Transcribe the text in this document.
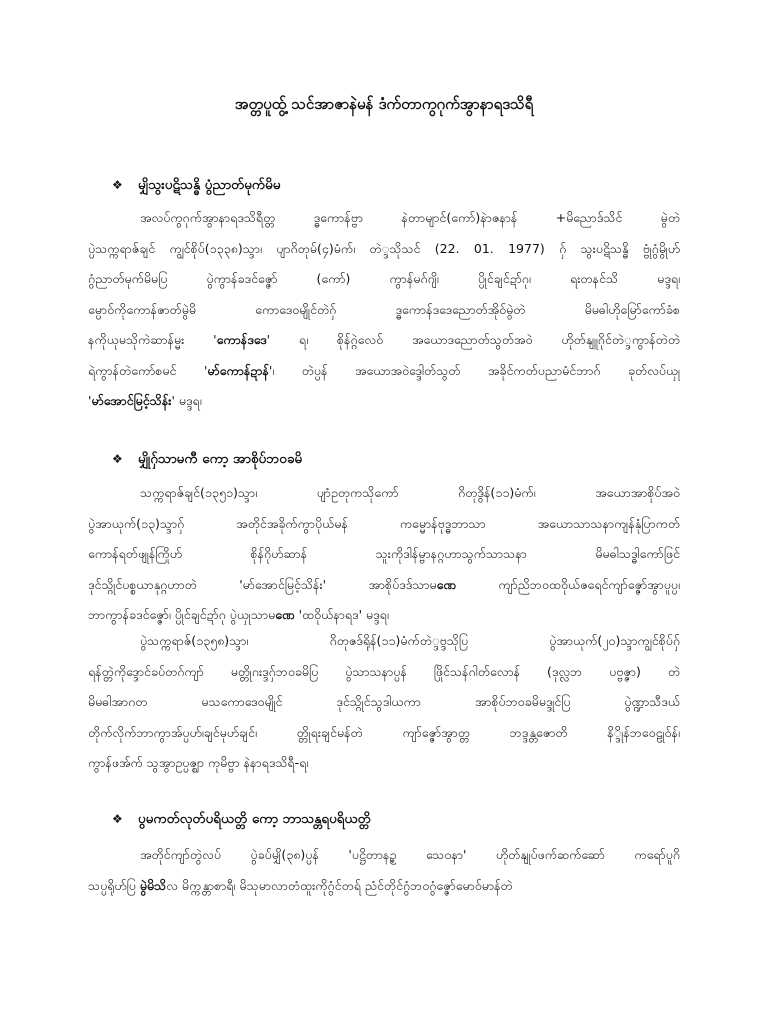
အတ္တပူထွ့် သင်အာဇာနဲမန် ဒံက်တာကွဂုက်အွာနာရဒသိရီ
❖ မျှိသွးပဋိသန္ဓိ ပွံညာတ်မုက်မိမ
အလပ်ကွဂုက်အွာနာရဒသိရီတ္တ ဒ္ဓကောန်ဗ္ဗာ နဲတာမျာင်(ကော်)နဲာဇနာန် +မိညောဒ်သိင် မွဲတဲ
ပ္ပဲသက္ကရာဇ်ချင် ကျွင်စိုပ်(၁၃၃၈)သ္ဒာ၊ ပျာဂိတုမ်(၄)မံက်၊ တဲ္ဒသိုသင် (22. 01. 1977) ဂှ် သွးပဋိသန္ဓိ ဗ္ဗုံဂွံမွိုဟ်
ဂွံညာတ်မုက်မိမပြ ပွဲကွာန်ခဒင်ဇ္ဇော် (ကော်) ကွာန်မဂ်ဂျိ၊ ပ္ပိုင်ချင်ဍာ်ဂု၊ ရးတနင်သိ မဒ္ဒရ၊
မ္ပောဝ်ကိုကောန်ဇာတ်မွဲမိ ကောဒေဝမျိုင်တဲဂှ် ဒ္ဓကောန်ဒဒေညောတ်အိုဝ်မွဲတဲ မိမဓါဟိုမြော်ကော်ခံစ
နကိုယုမသိုကဲဆာန်မ္မး 'ကောန်ဒဒေ' ရ၊ စိုန်ဂ္ဂဲလေဝ် အယောဒညောတ်သွတ်အဝဲ ဟိုတ်နျူဂိုင်တဲ္ဒကွာန်တဲတဲ
ရဲကွာန်တဲကော်စမင် 'မာ်ကောန်ဍာန်'၊ တဲပ္ပန် အယောအဝဲဒ္ဒေါတ်သွတ် အခိုင်ကတ်ပညာမံင်ဘာဂ် ခုတ်လပ်ယှု
'မာ်အောင်မြင့်သိန်း' မဒ္ဒရ၊
❖ မျှိုဂှ်သာမကီ ကော့ အာစိုပ်ဘဝခမိ
သက္ကရာဇ်ချင်(၁၃၅၁)သ္ဒာ၊ ပျာံဥတုကသိုကော် ဂိတုဒွိန်(၁၁)မံက်၊ အယောအာစိုပ်အဝဲ
ပွဲအာယုက်(၁၃)သ္ဒာဂှ် အတိုင်အခိုက်ကွာပိုယ်မန် ကမ္မောန်ဗုဒ္ဓဘာသာ အယောသာသနာကျန်နုံပြာကတ်
ကောန်ရတ်ဖျုန်ကြိုဟ် စိုန်ဂိုဟ်ဆာန် သူးကိုဒါန်မ္ဗာနဂ္ဂဟာသွက်သာသနာ မိမဓါသဒ္ဓါကော်ဖြင်
ဒုင်သ္ဂိုင်ပစ္စယာနုဂ္ဂဟာတဲ 'မာ်အောင်မြင့်သိန်း' အာစိုပ်ဒဒ်သာမဏေ ကျာ်ညိဘဝထဝိုယ်ဇရေင်ကျာ်ဇ္ဇော်အွာပူပ္ပ၊
ဘာကွာန်ခဒင်ဇ္ဇော်၊ ပ္ပိုင်ချင်ဍာ်ဂု ပွဲယှုသာမဏေ 'ထဝိုယ်နာရဒ' မဒ္ဒရ၊
ပွဲသက္ကရာဇ်(၁၃၅၈)သ္ဒာ၊ ဂိတုဇဒ်ရိုန်(၁၁)မံက်တဲ္ဒဗ္ဒသိုပြ ပွဲအာယုက်(၂၀)သ္ဒာကျွင်စိုပ်ဂှ်
ရန်တ္တဲကိုဒ္ဒောင်ခပ်တဂ်ကျာ် မတ္တိုဂးဒ္ဒဂှ်ဘဝခမိပြ ပွဲသာသနာပ္ပန် ဖြိုင်သန်ဂါတ်လောန် (ဒုလ္လဘ ပဗ္ဗဇ္ဇာ) တဲ
မိမဓါအာဂတ မသကောဒေဝမျိုင် ဒုင်သ္ဂိုင်သွဒါယကာ အာစိုပ်ဘဝခမိမဒ္ဒုင်ပြ ပွဲဏ္ဍာသီဒယ်
တိုက်လိုက်ဘာကွာအ်ပ္ပဟ်၊ချင်မုဟ်ချင်၊ တ္တိုရးချင်မန်တဲ ကျာ်ဇ္ဇော်အွာတ္တ ဘဒ္ဒန္တဇောတိ နိ္ဒိုန်ဘဝေဠုဝ်န်၊
ကွာန်ဖအ်က် သွအွာဥပ္ပဇ္ဈာ ကုမိဗ္ဗာ နဲနာရဒသိရီ-ရ၊
❖ ပွမကတ်လုတ်ပရိယတ္တိ ကော့ ဘာသန္တရပရိယတ္တိ
အတိုင်ကျာ်တွဲလပ် ပွဲခပ်မျှိ(၃၈)ပ္ပန် 'ပဋ္ဌိတာနဥ္စ သေဝနာ' ဟိုတ်နျုပ်ဖက်ဆက်ဆော် ကရော်ပူဂိ
သပ္ပရိုဟ်ပြ မွဲမိသိလ မိက္ကန္တာစာရီ၊ မိသုမာလာတံထူးကိုဂွံင်တရ် ညံင်တိုင်ဂွံဘဝဂွံဇ္ဇော်မောဝ်မာန်တဲ
